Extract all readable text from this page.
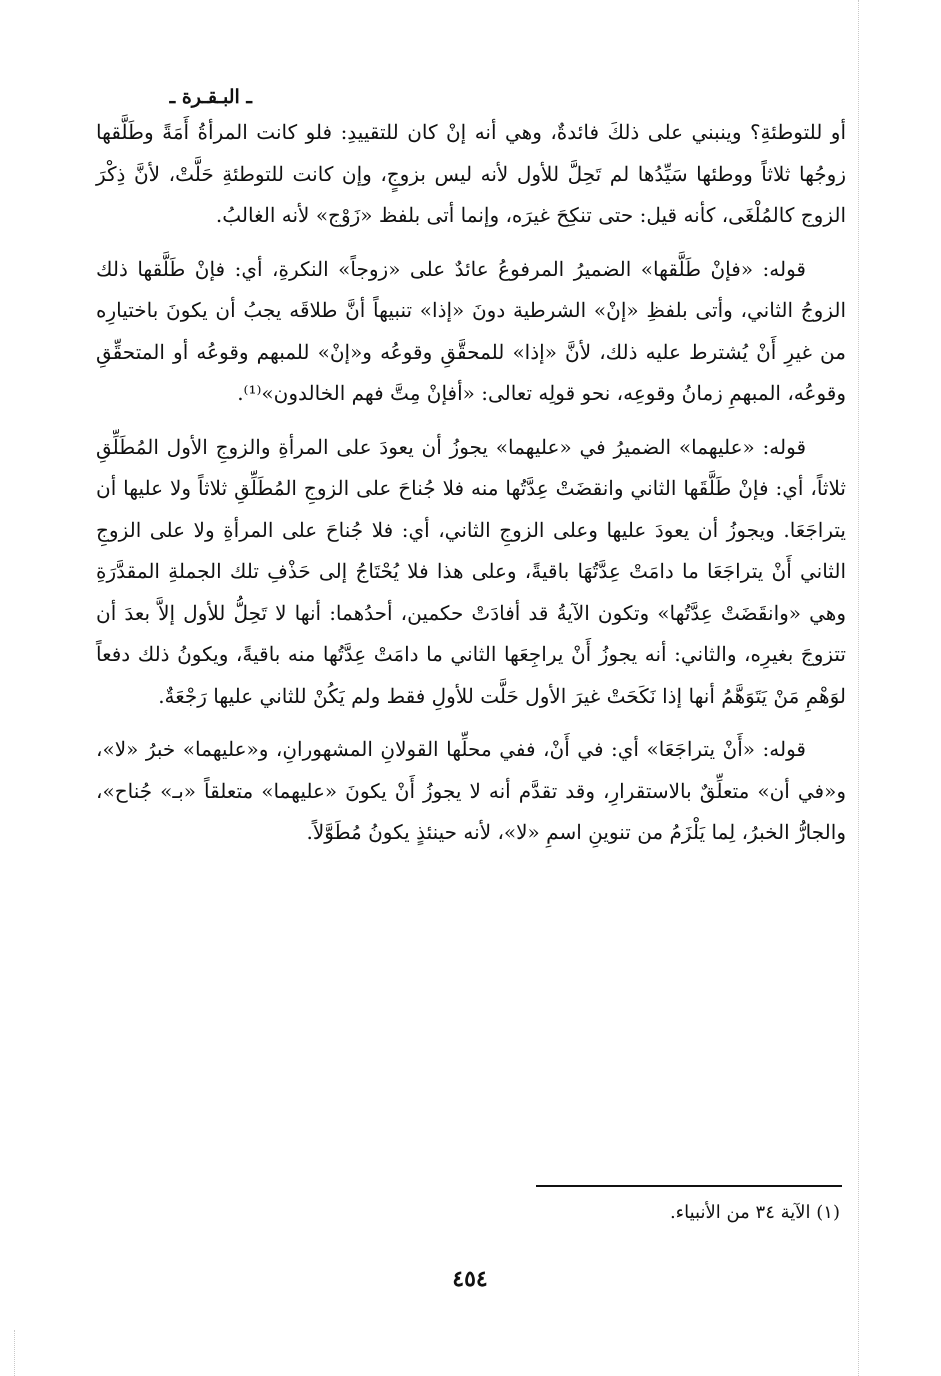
ـ البـقـرة ـ

أو للتوطئةِ؟ وينبني على ذلكَ فائدةٌ، وهي أنه إنْ كان للتقييدِ: فلو كانت المرأةُ أَمَةً وطَلَّقها زوجُها ثلاثاً ووطئها سَيِّدُها لم تَحِلَّ للأول لأنه ليس بزوجٍ، وإن كانت للتوطئةِ حَلَّتْ، لأنَّ ذِكْرَ الزوج كالمُلْغَى، كأنه قيل: حتى تنكِحَ غيرَه، وإنما أتى بلفظ «زَوْج» لأنه الغالبُ.

قوله: «فإنْ طَلَّقها» الضميرُ المرفوعُ عائدٌ على «زوجاً» النكرةِ، أي: فإنْ طَلَّقها ذلك الزوجُ الثاني، وأتى بلفظِ «إنْ» الشرطية دونَ «إذا» تنبيهاً أنَّ طلاقَه يجبُ أن يكونَ باختيارِه من غيرِ أَنْ يُشترط عليه ذلك، لأنَّ «إذا» للمحقَّقِ وقوعُه و«إنْ» للمبهم وقوعُه أو المتحقِّقِ وقوعُه، المبهمِ زمانُ وقوعِه، نحو قولِه تعالى: «أفإنْ مِتَّ فهم الخالدون»⁽¹⁾.

قوله: «عليهما» الضميرُ في «عليهما» يجوزُ أن يعودَ على المرأةِ والزوجِ الأول المُطَلِّقِ ثلاثاً، أي: فإنْ طَلَّقَها الثاني وانقضَتْ عِدَّتُها منه فلا جُناحَ على الزوجِ المُطَلِّقِ ثلاثاً ولا عليها أن يتراجَعَا. ويجوزُ أن يعودَ عليها وعلى الزوجِ الثاني، أي: فلا جُناحَ على المرأةِ ولا على الزوجِ الثاني أَنْ يتراجَعَا ما دامَتْ عِدَّتُهَا باقيةً، وعلى هذا فلا يُحْتَاجُ إلى حَذْفِ تلك الجملةِ المقدَّرَةِ وهي «وانقَضَتْ عِدَّتُها» وتكون الآيةُ قد أفادَتْ حكمين، أحدُهما: أنها لا تَحِلُّ للأول إلاَّ بعدَ أن تتزوجَ بغيرِه، والثاني: أنه يجوزُ أَنْ يراجِعَها الثاني ما دامَتْ عِدَّتُها منه باقيةً، ويكونُ ذلك دفعاً لوَهْمِ مَنْ يَتَوَهَّمُ أنها إذا نَكَحَتْ غيرَ الأول حَلَّت للأولِ فقط ولم يَكُنْ للثاني عليها رَجْعَةٌ.

قوله: «أَنْ يتراجَعَا» أي: في أَنْ، ففي محلِّها القولانِ المشهورانِ، و«عليهما» خبرُ «لا»، و«في أن» متعلِّقٌ بالاستقرارِ، وقد تقدَّم أنه لا يجوزُ أَنْ يكونَ «عليهما» متعلقاً «بـ» جُناح»، والجارُّ الخبرُ، لِما يَلْزَمُ من تنوينِ اسمِ «لا»، لأنه حينئذٍ يكونُ مُطَوَّلاً.

(١) الآية ٣٤ من الأنبياء.
٤٥٤
